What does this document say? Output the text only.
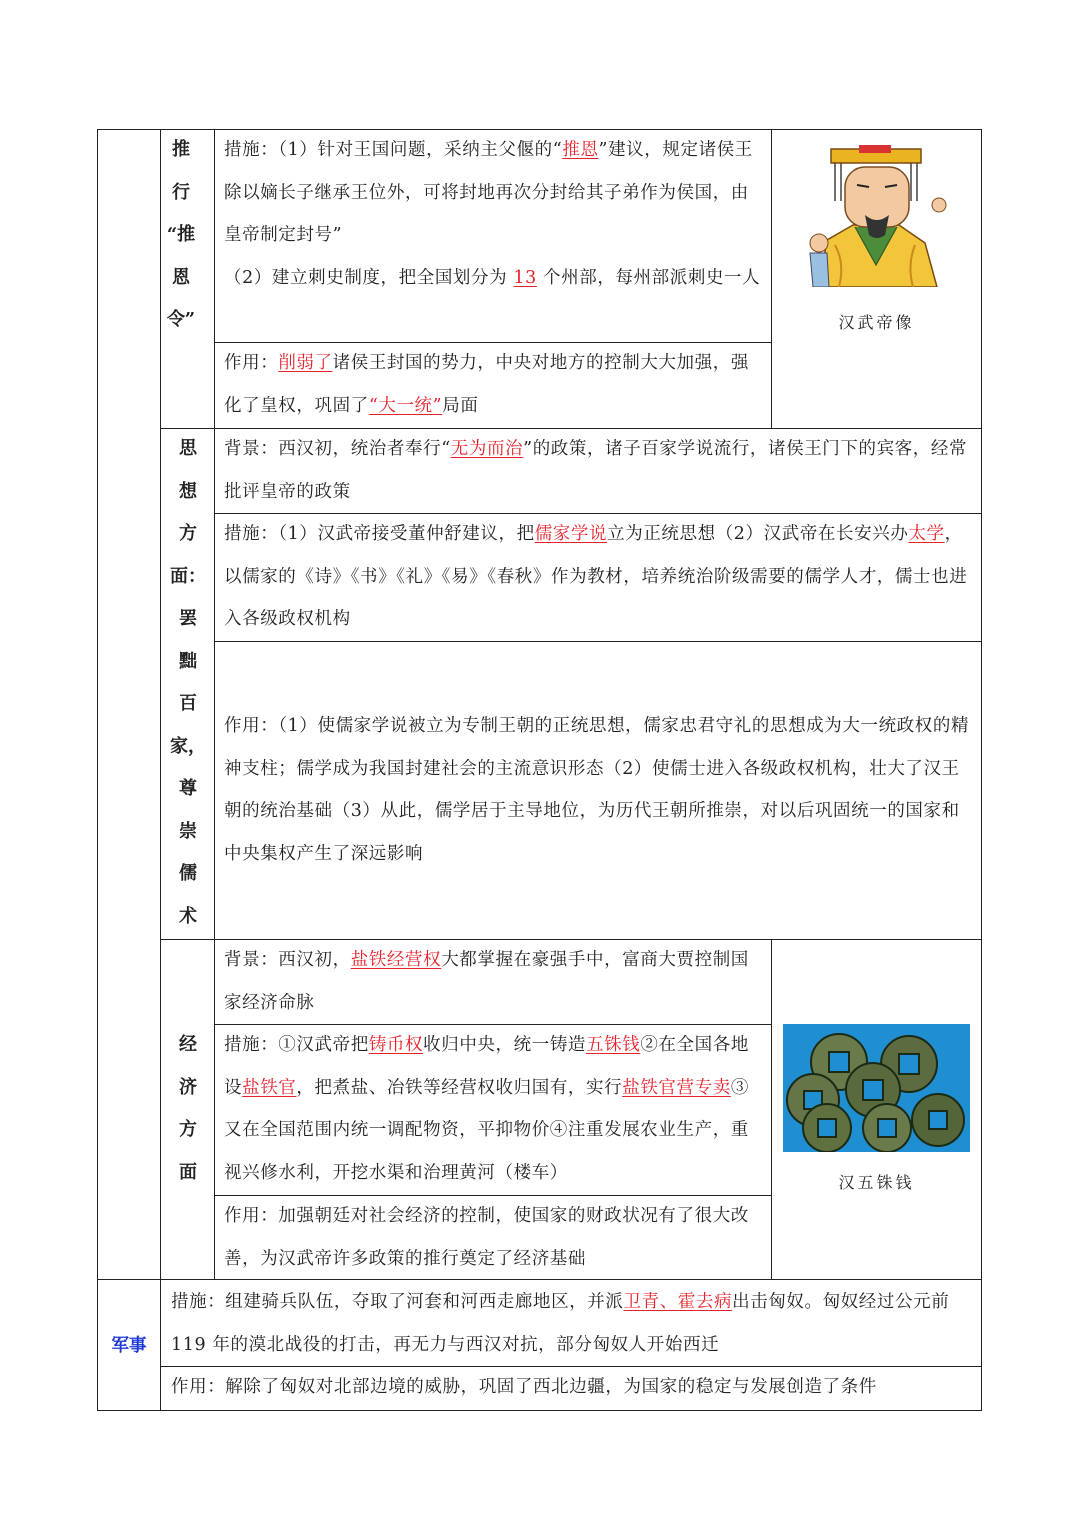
推
行
“推
恩
令”
措施：（1）针对王国问题，采纳主父偃的“推恩”建议，规定诸侯王除以嫡长子继承王位外，可将封地再次分封给其子弟作为侯国，由皇帝制定封号”
（2）建立刺史制度，把全国划分为 13 个州部，每州部派刺史一人
作用：削弱了诸侯王封国的势力，中央对地方的控制大大加强，强化了皇权，巩固了“大一统”局面
汉武帝像
思
想
方
面：
罢
黜
百
家，
尊
崇
儒
术
背景：西汉初，统治者奉行“无为而治”的政策，诸子百家学说流行，诸侯王门下的宾客，经常批评皇帝的政策
措施：（1）汉武帝接受董仲舒建议，把儒家学说立为正统思想（2）汉武帝在长安兴办太学，以儒家的《诗》《书》《礼》《易》《春秋》作为教材，培养统治阶级需要的儒学人才，儒士也进入各级政权机构
作用：（1）使儒家学说被立为专制王朝的正统思想，儒家忠君守礼的思想成为大一统政权的精神支柱；儒学成为我国封建社会的主流意识形态（2）使儒士进入各级政权机构，壮大了汉王朝的统治基础（3）从此，儒学居于主导地位，为历代王朝所推崇，对以后巩固统一的国家和中央集权产生了深远影响
经
济
方
面
背景：西汉初，盐铁经营权大都掌握在豪强手中，富商大贾控制国家经济命脉
措施：①汉武帝把铸币权收归中央，统一铸造五铢钱②在全国各地设盐铁官，把煮盐、冶铁等经营权收归国有，实行盐铁官营专卖③又在全国范围内统一调配物资，平抑物价④注重发展农业生产，重视兴修水利，开挖水渠和治理黄河（楼车）
作用：加强朝廷对社会经济的控制，使国家的财政状况有了很大改善，为汉武帝许多政策的推行奠定了经济基础
汉五铢钱
军事
措施：组建骑兵队伍，夺取了河套和河西走廊地区，并派卫青、霍去病出击匈奴。匈奴经过公元前 119 年的漠北战役的打击，再无力与西汉对抗，部分匈奴人开始西迁
作用：解除了匈奴对北部边境的威胁，巩固了西北边疆，为国家的稳定与发展创造了条件
